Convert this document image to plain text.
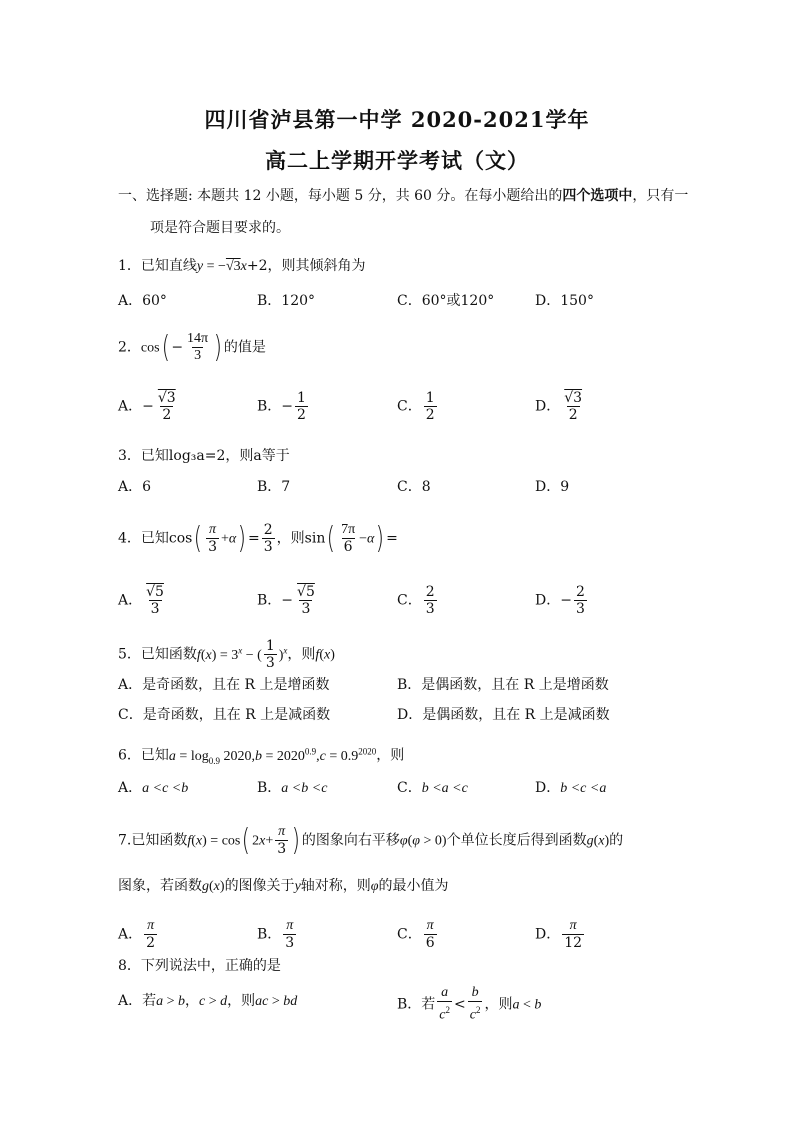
四川省泸县第一中学 2020-2021学年
高二上学期开学考试（文）
一、选择题: 本题共 12 小题，每小题 5 分，共 60 分。在每小题给出的四个选项中，只有一
项是符合题目要求的。
1．已知直线y = −√3x+2，则其倾斜角为
A．60°	B．120°	C．60°或120°	D．150°
2．$\cos( - \frac{14\pi}{3}$ ) 的值是
A．− $\frac{√3}{2}$	B．− $\frac{1}{2}$	C． $\frac{1}{2}$	D． $\frac{√3}{2}$
3．已知log₃a=2，则a等于
A．6	B．7	C．8	D．9
4．已知$\cos( \frac{\pi}{3} +\alpha) = \frac{2}{3}$ ，则$\sin( \frac{7\pi}{6} -\alpha)$ =
A． $\frac{√5}{3}$	B．− $\frac{√5}{3}$	C． $\frac{2}{3}$	D．− $\frac{2}{3}$
5．已知函数$f(x) = 3^x$ − ( $\frac{1}{3} )^x$，则f(x)
A．是奇函数，且在 R 上是增函数	B．是偶函数，且在 R 上是增函数
C．是奇函数，且在 R 上是减函数	D．是偶函数，且在 R 上是减函数
6．已知$a = \log_{0.9} 2020,b = 2020^{0.9},c = 0.9^{2020}$，则
A．a <c <b	B．a <b <c	C．b <a <c	D．b <c <a
7.已知函数f(x) = cos( $2x+ \frac{\pi}{3}$ ) 的图象向右平移φ(φ > 0)个单位长度后得到函数g(x)的
图象，若函数g(x)的图像关于y轴对称，则φ的最小值为
A． $\frac{\pi}{2}$	B． $\frac{\pi}{3}$	C． $\frac{\pi}{6}$	D． $\frac{\pi}{12}$
8．下列说法中，正确的是
A．若a > b，c > d，则ac > bd	B．若 $\frac{a}{c^2} < \frac{b}{c^2}$ ，则a < b
